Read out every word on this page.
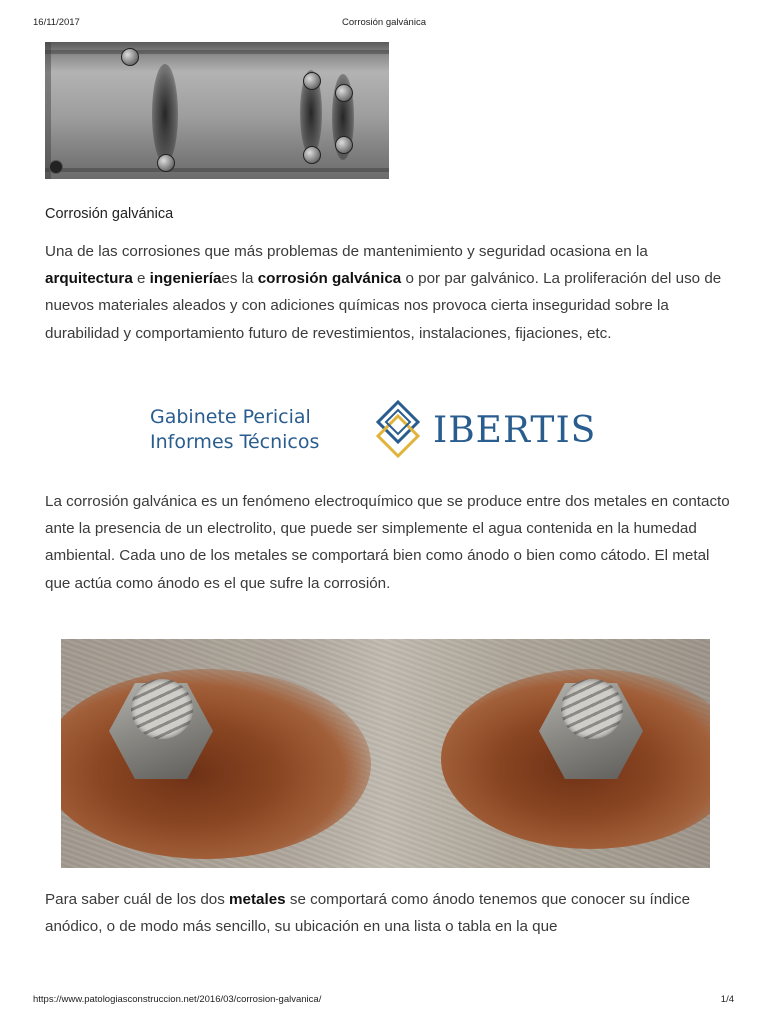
16/11/2017	Corrosión galvánica
Corrosión galvánica
Una de las corrosiones que más problemas de mantenimiento y seguridad ocasiona en la arquitectura e ingenieríaes la corrosión galvánica o por par galvánico. La proliferación del uso de nuevos materiales aleados y con adiciones químicas nos provoca cierta inseguridad sobre la durabilidad y comportamiento futuro de revestimientos, instalaciones, fijaciones, etc.
Gabinete Pericial
Informes Técnicos	IBERTIS
La corrosión galvánica es un fenómeno electroquímico que se produce entre dos metales en contacto ante la presencia de un electrolito, que puede ser simplemente el agua contenida en la humedad ambiental. Cada uno de los metales se comportará bien como ánodo o bien como cátodo. El metal que actúa como ánodo es el que sufre la corrosión.
Para saber cuál de los dos metales se comportará como ánodo tenemos que conocer su índice anódico, o de modo más sencillo, su ubicación en una lista o tabla en la que
https://www.patologiasconstruccion.net/2016/03/corrosion-galvanica/	1/4
